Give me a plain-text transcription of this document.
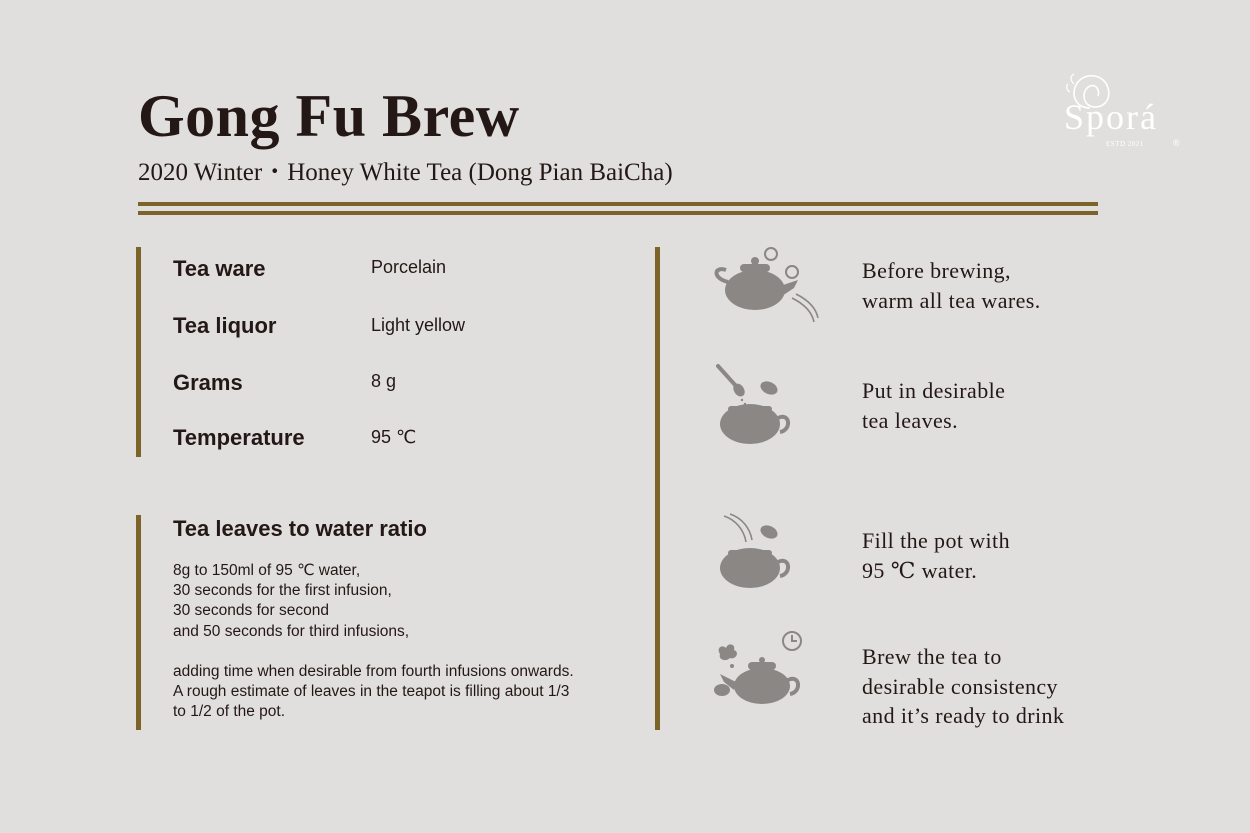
Gong Fu Brew
2020 Winter・Honey White Tea (Dong Pian BaiCha)
Sporá
ESTD 2021	®
Tea ware	Porcelain
Tea liquor	Light yellow
Grams	8 g
Temperature	95 ℃
Tea leaves to water ratio
8g to 150ml of 95 ℃ water,
30 seconds for the first infusion,
30 seconds for second
and 50 seconds for third infusions,

adding time when desirable from fourth infusions onwards.
A rough estimate of leaves in the teapot is filling about 1/3
to 1/2 of the pot.
Before brewing,
warm all tea wares.
Put in desirable
tea leaves.
Fill the pot with
95 ℃ water.
Brew the tea to
desirable consistency
and it’s ready to drink
